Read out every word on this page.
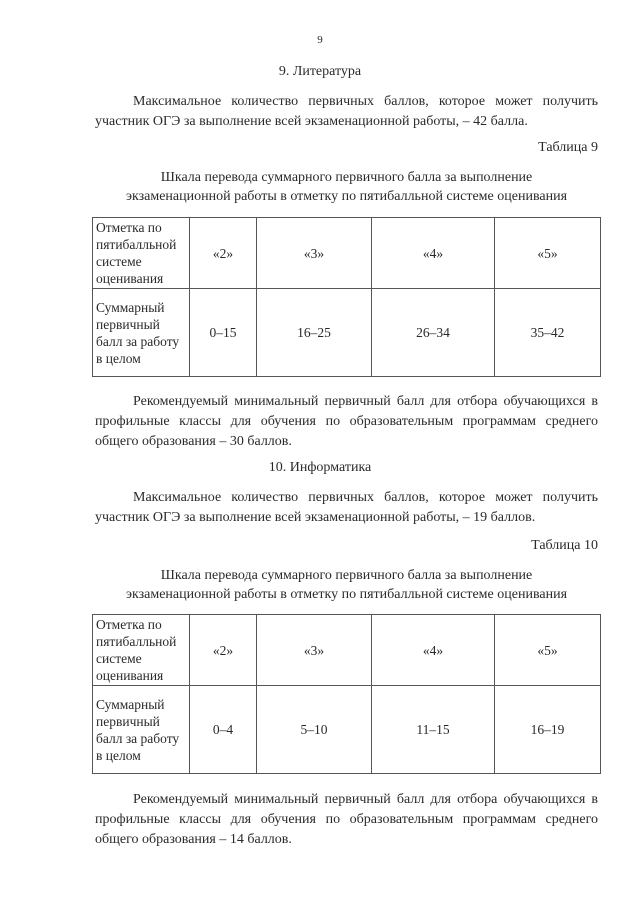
9
9. Литература
Максимальное количество первичных баллов, которое может получить участник ОГЭ за выполнение всей экзаменационной работы, – 42 балла.
Таблица 9
Шкала перевода суммарного первичного балла за выполнение
экзаменационной работы в отметку по пятибалльной системе оценивания
Отметка по пятибалльной системе оценивания	«2»	«3»	«4»	«5»
Суммарный первичный балл за работу в целом	0–15	16–25	26–34	35–42
Рекомендуемый минимальный первичный балл для отбора обучающихся в профильные классы для обучения по образовательным программам среднего общего образования – 30 баллов.
10. Информатика
Максимальное количество первичных баллов, которое может получить участник ОГЭ за выполнение всей экзаменационной работы, – 19 баллов.
Таблица 10
Шкала перевода суммарного первичного балла за выполнение
экзаменационной работы в отметку по пятибалльной системе оценивания
Отметка по пятибалльной системе оценивания	«2»	«3»	«4»	«5»
Суммарный первичный балл за работу в целом	0–4	5–10	11–15	16–19
Рекомендуемый минимальный первичный балл для отбора обучающихся в профильные классы для обучения по образовательным программам среднего общего образования – 14 баллов.
